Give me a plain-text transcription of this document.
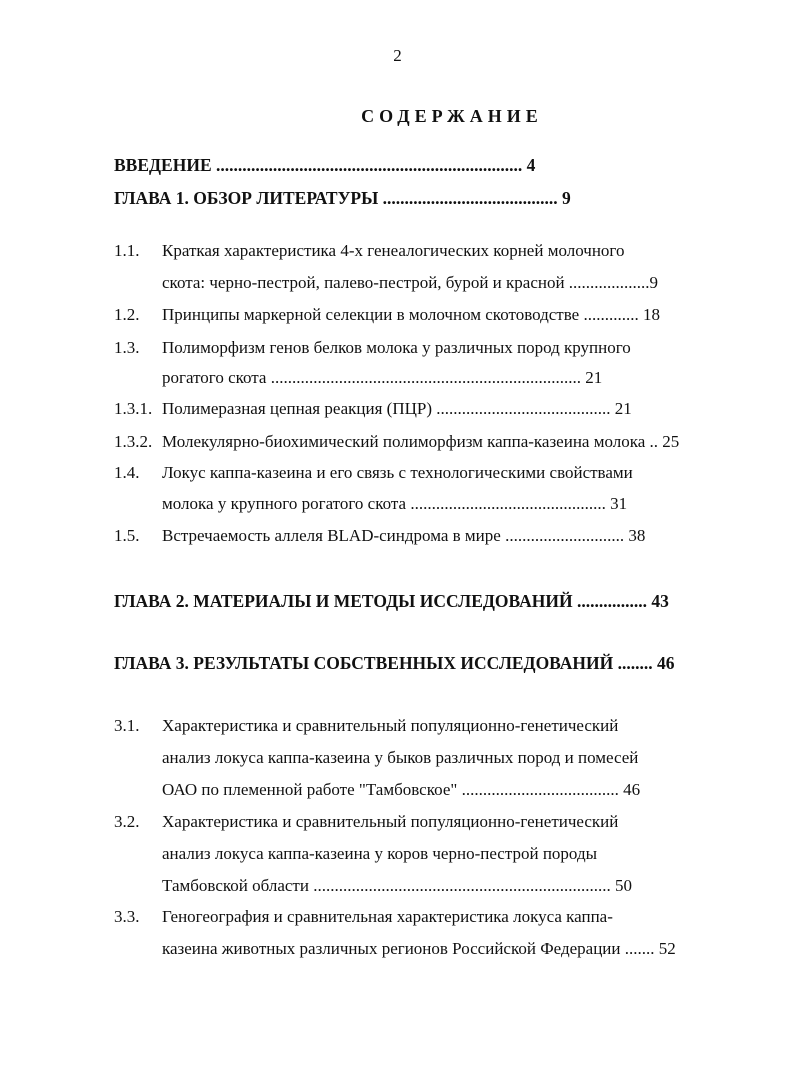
2
СОДЕРЖАНИЕ
ВВЕДЕНИЕ ...................................................................... 4
ГЛАВА 1. ОБЗОР ЛИТЕРАТУРЫ ........................................ 9
1.1. Краткая характеристика 4-х генеалогических корней молочного
скота: черно-пестрой, палево-пестрой, бурой и красной ...................9
1.2. Принципы маркерной селекции в молочном скотоводстве ............. 18
1.3. Полиморфизм генов белков молока у различных пород крупного
рогатого скота ......................................................................... 21
1.3.1. Полимеразная цепная реакция (ПЦР) ......................................... 21
1.3.2. Молекулярно-биохимический полиморфизм каппа-казеина молока .. 25
1.4. Локус каппа-казеина и его связь с технологическими свойствами
молока у крупного рогатого скота .............................................. 31
1.5. Встречаемость аллеля BLAD-синдрома в мире ............................ 38
ГЛАВА 2. МАТЕРИАЛЫ И МЕТОДЫ ИССЛЕДОВАНИЙ ................ 43
ГЛАВА 3. РЕЗУЛЬТАТЫ СОБСТВЕННЫХ ИССЛЕДОВАНИЙ ........ 46
3.1. Характеристика и сравнительный популяционно-генетический
анализ локуса каппа-казеина у быков различных пород и помесей
ОАО по племенной работе "Тамбовское" ..................................... 46
3.2. Характеристика и сравнительный популяционно-генетический
анализ локуса каппа-казеина у коров черно-пестрой породы
Тамбовской области ...................................................................... 50
3.3. Геногеография и сравнительная характеристика локуса каппа-
казеина животных различных регионов Российской Федерации ....... 52
